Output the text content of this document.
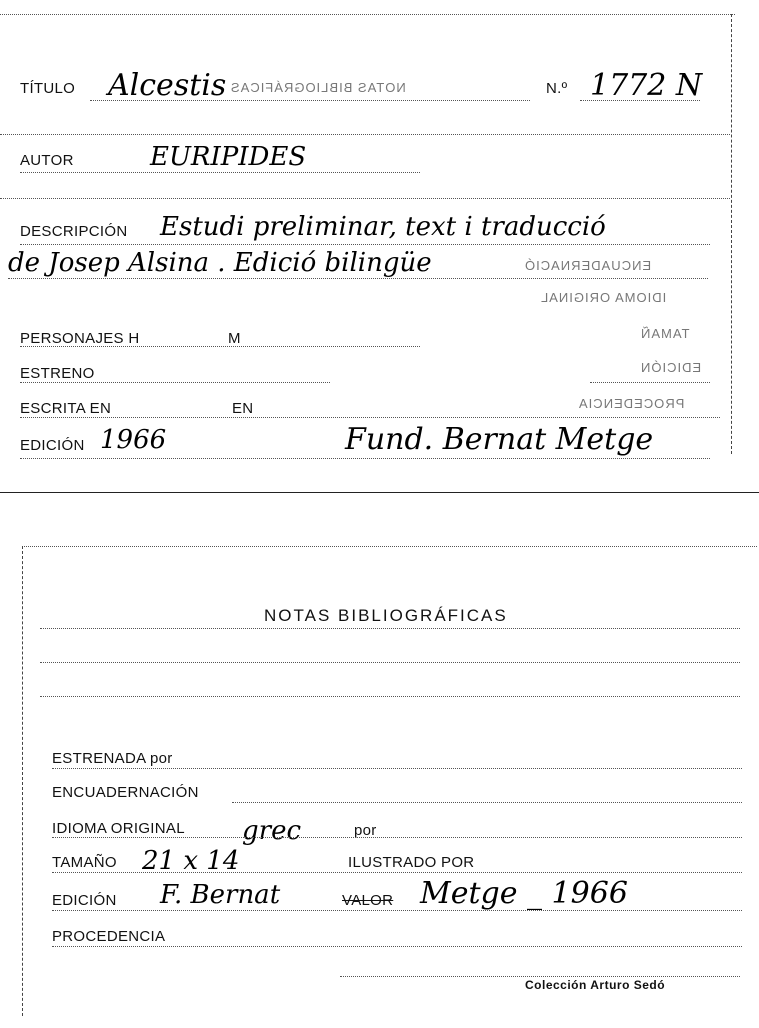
TÍTULO Alcestis NOTAS BIBLIOGRÁFICAS	N.º 1772 N
AUTOR	EURIPIDES
DESCRIPCIÓN Estudi preliminar, text i traducció
de Josep Alsina . Edició bilingüe	ENCUADERNACIÓ
IDIOMA ORIGINAL
PERSONAJES H	M	TAMAÑ
ESTRENO	EDICIÓN
ESCRITA EN	EN	PROCEDENCIA
EDICIÓN 1966	Fund. Bernat Metge
NOTAS BIBLIOGRÁFICAS
ESTRENADA por
ENCUADERNACIÓN
IDIOMA ORIGINAL grec	por
TAMAÑO 21 x 14	ILUSTRADO POR
EDICIÓN F. Bernat	VALOR Metge _ 1966
PROCEDENCIA
Colección Arturo Sedó
